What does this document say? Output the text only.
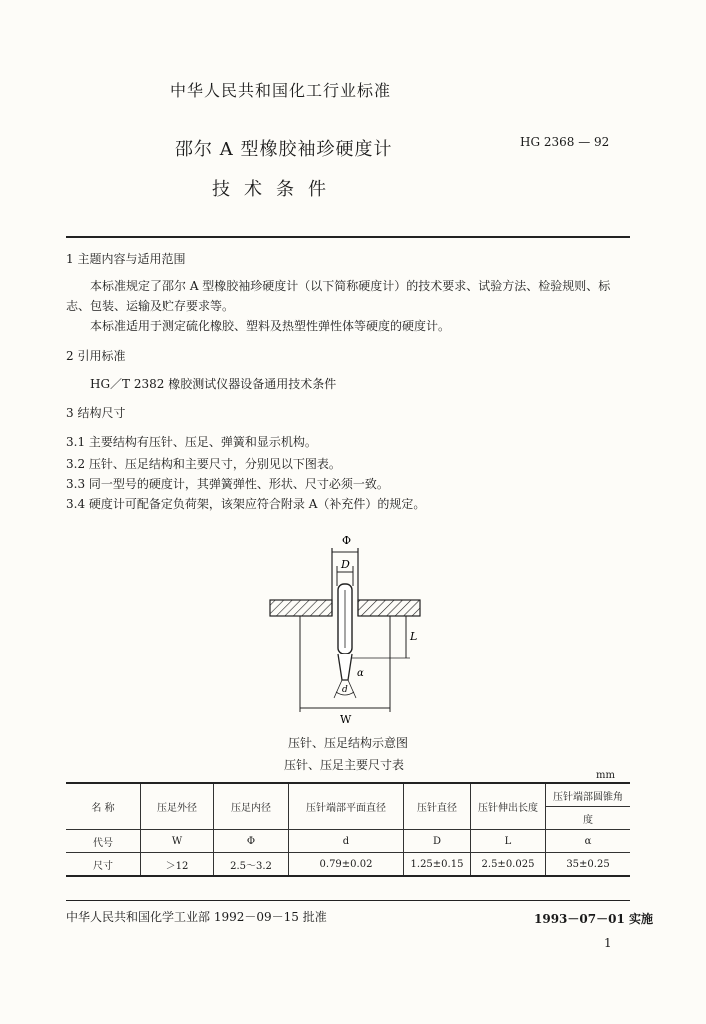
中华人民共和国化工行业标准
邵尔 A 型橡胶袖珍硬度计	HG 2368 — 92
技术条件
1 主题内容与适用范围
本标准规定了邵尔 A 型橡胶袖珍硬度计（以下简称硬度计）的技术要求、试验方法、检验规则、标志、包装、运输及贮存要求等。
本标准适用于测定硫化橡胶、塑料及热塑性弹性体等硬度的硬度计。
2 引用标准
HG／T 2382 橡胶测试仪器设备通用技术条件
3 结构尺寸
3.1 主要结构有压针、压足、弹簧和显示机构。
3.2 压针、压足结构和主要尺寸，分别见以下图表。
3.3 同一型号的硬度计，其弹簧弹性、形状、尺寸必须一致。
3.4 硬度计可配备定负荷架，该架应符合附录 A（补充件）的规定。
Φ
D
L
α
d
W
压针、压足结构示意图
压针、压足主要尺寸表
mm
名 称	压足外径	压足内径	压针端部平面直径	压针直径	压针伸出长度	压针端部圆锥角
						度
代号	W	Φ	d	D	L	α
尺寸	＞12	2.5～3.2	0.79±0.02	1.25±0.15	2.5±0.025	35±0.25
中华人民共和国化学工业部 1992－09－15 批准	1993－07－01 实施
1
